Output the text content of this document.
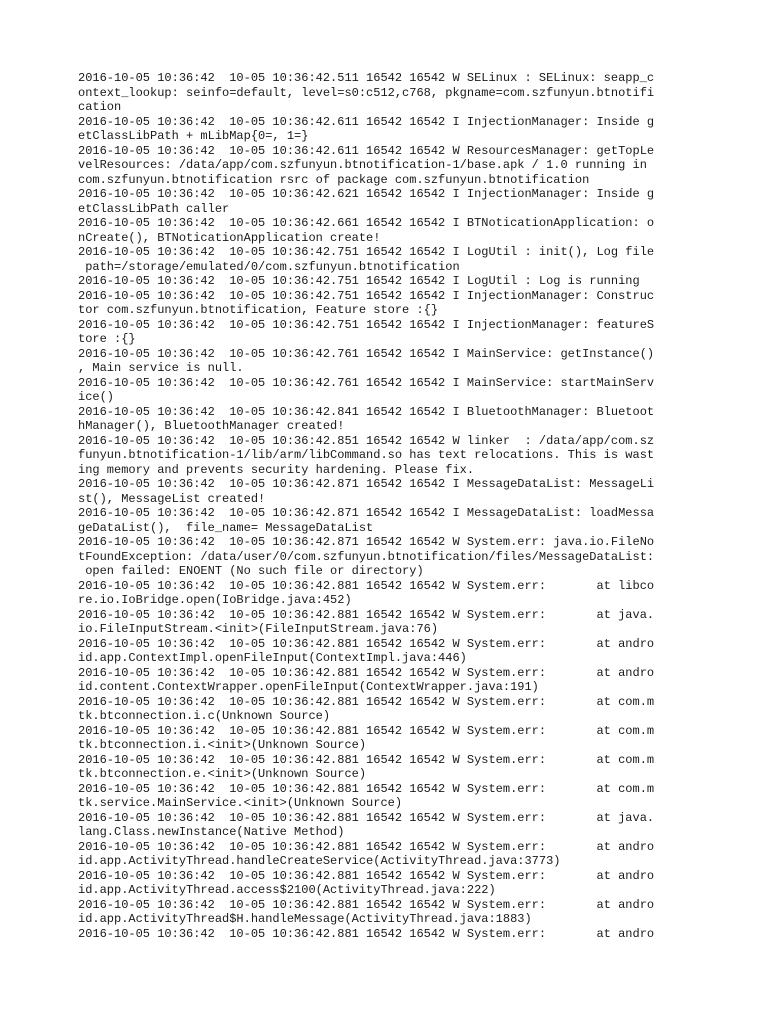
2016-10-05 10:36:42  10-05 10:36:42.511 16542 16542 W SELinux : SELinux: seapp_c
ontext_lookup: seinfo=default, level=s0:c512,c768, pkgname=com.szfunyun.btnotifi
cation
2016-10-05 10:36:42  10-05 10:36:42.611 16542 16542 I InjectionManager: Inside g
etClassLibPath + mLibMap{0=, 1=}
2016-10-05 10:36:42  10-05 10:36:42.611 16542 16542 W ResourcesManager: getTopLe
velResources: /data/app/com.szfunyun.btnotification-1/base.apk / 1.0 running in
com.szfunyun.btnotification rsrc of package com.szfunyun.btnotification
2016-10-05 10:36:42  10-05 10:36:42.621 16542 16542 I InjectionManager: Inside g
etClassLibPath caller
2016-10-05 10:36:42  10-05 10:36:42.661 16542 16542 I BTNoticationApplication: o
nCreate(), BTNoticationApplication create!
2016-10-05 10:36:42  10-05 10:36:42.751 16542 16542 I LogUtil : init(), Log file
path=/storage/emulated/0/com.szfunyun.btnotification
2016-10-05 10:36:42  10-05 10:36:42.751 16542 16542 I LogUtil : Log is running
2016-10-05 10:36:42  10-05 10:36:42.751 16542 16542 I InjectionManager: Construc
tor com.szfunyun.btnotification, Feature store :{}
2016-10-05 10:36:42  10-05 10:36:42.751 16542 16542 I InjectionManager: featureS
tore :{}
2016-10-05 10:36:42  10-05 10:36:42.761 16542 16542 I MainService: getInstance()
, Main service is null.
2016-10-05 10:36:42  10-05 10:36:42.761 16542 16542 I MainService: startMainServ
ice()
2016-10-05 10:36:42  10-05 10:36:42.841 16542 16542 I BluetoothManager: Bluetoot
hManager(), BluetoothManager created!
2016-10-05 10:36:42  10-05 10:36:42.851 16542 16542 W linker  : /data/app/com.sz
funyun.btnotification-1/lib/arm/libCommand.so has text relocations. This is wast
ing memory and prevents security hardening. Please fix.
2016-10-05 10:36:42  10-05 10:36:42.871 16542 16542 I MessageDataList: MessageLi
st(), MessageList created!
2016-10-05 10:36:42  10-05 10:36:42.871 16542 16542 I MessageDataList: loadMessa
geDataList(),  file_name= MessageDataList
2016-10-05 10:36:42  10-05 10:36:42.871 16542 16542 W System.err: java.io.FileNo
tFoundException: /data/user/0/com.szfunyun.btnotification/files/MessageDataList:
open failed: ENOENT (No such file or directory)
2016-10-05 10:36:42  10-05 10:36:42.881 16542 16542 W System.err:       at libco
re.io.IoBridge.open(IoBridge.java:452)
2016-10-05 10:36:42  10-05 10:36:42.881 16542 16542 W System.err:       at java.
io.FileInputStream.<init>(FileInputStream.java:76)
2016-10-05 10:36:42  10-05 10:36:42.881 16542 16542 W System.err:       at andro
id.app.ContextImpl.openFileInput(ContextImpl.java:446)
2016-10-05 10:36:42  10-05 10:36:42.881 16542 16542 W System.err:       at andro
id.content.ContextWrapper.openFileInput(ContextWrapper.java:191)
2016-10-05 10:36:42  10-05 10:36:42.881 16542 16542 W System.err:       at com.m
tk.btconnection.i.c(Unknown Source)
2016-10-05 10:36:42  10-05 10:36:42.881 16542 16542 W System.err:       at com.m
tk.btconnection.i.<init>(Unknown Source)
2016-10-05 10:36:42  10-05 10:36:42.881 16542 16542 W System.err:       at com.m
tk.btconnection.e.<init>(Unknown Source)
2016-10-05 10:36:42  10-05 10:36:42.881 16542 16542 W System.err:       at com.m
tk.service.MainService.<init>(Unknown Source)
2016-10-05 10:36:42  10-05 10:36:42.881 16542 16542 W System.err:       at java.
lang.Class.newInstance(Native Method)
2016-10-05 10:36:42  10-05 10:36:42.881 16542 16542 W System.err:       at andro
id.app.ActivityThread.handleCreateService(ActivityThread.java:3773)
2016-10-05 10:36:42  10-05 10:36:42.881 16542 16542 W System.err:       at andro
id.app.ActivityThread.access$2100(ActivityThread.java:222)
2016-10-05 10:36:42  10-05 10:36:42.881 16542 16542 W System.err:       at andro
id.app.ActivityThread$H.handleMessage(ActivityThread.java:1883)
2016-10-05 10:36:42  10-05 10:36:42.881 16542 16542 W System.err:       at andro
